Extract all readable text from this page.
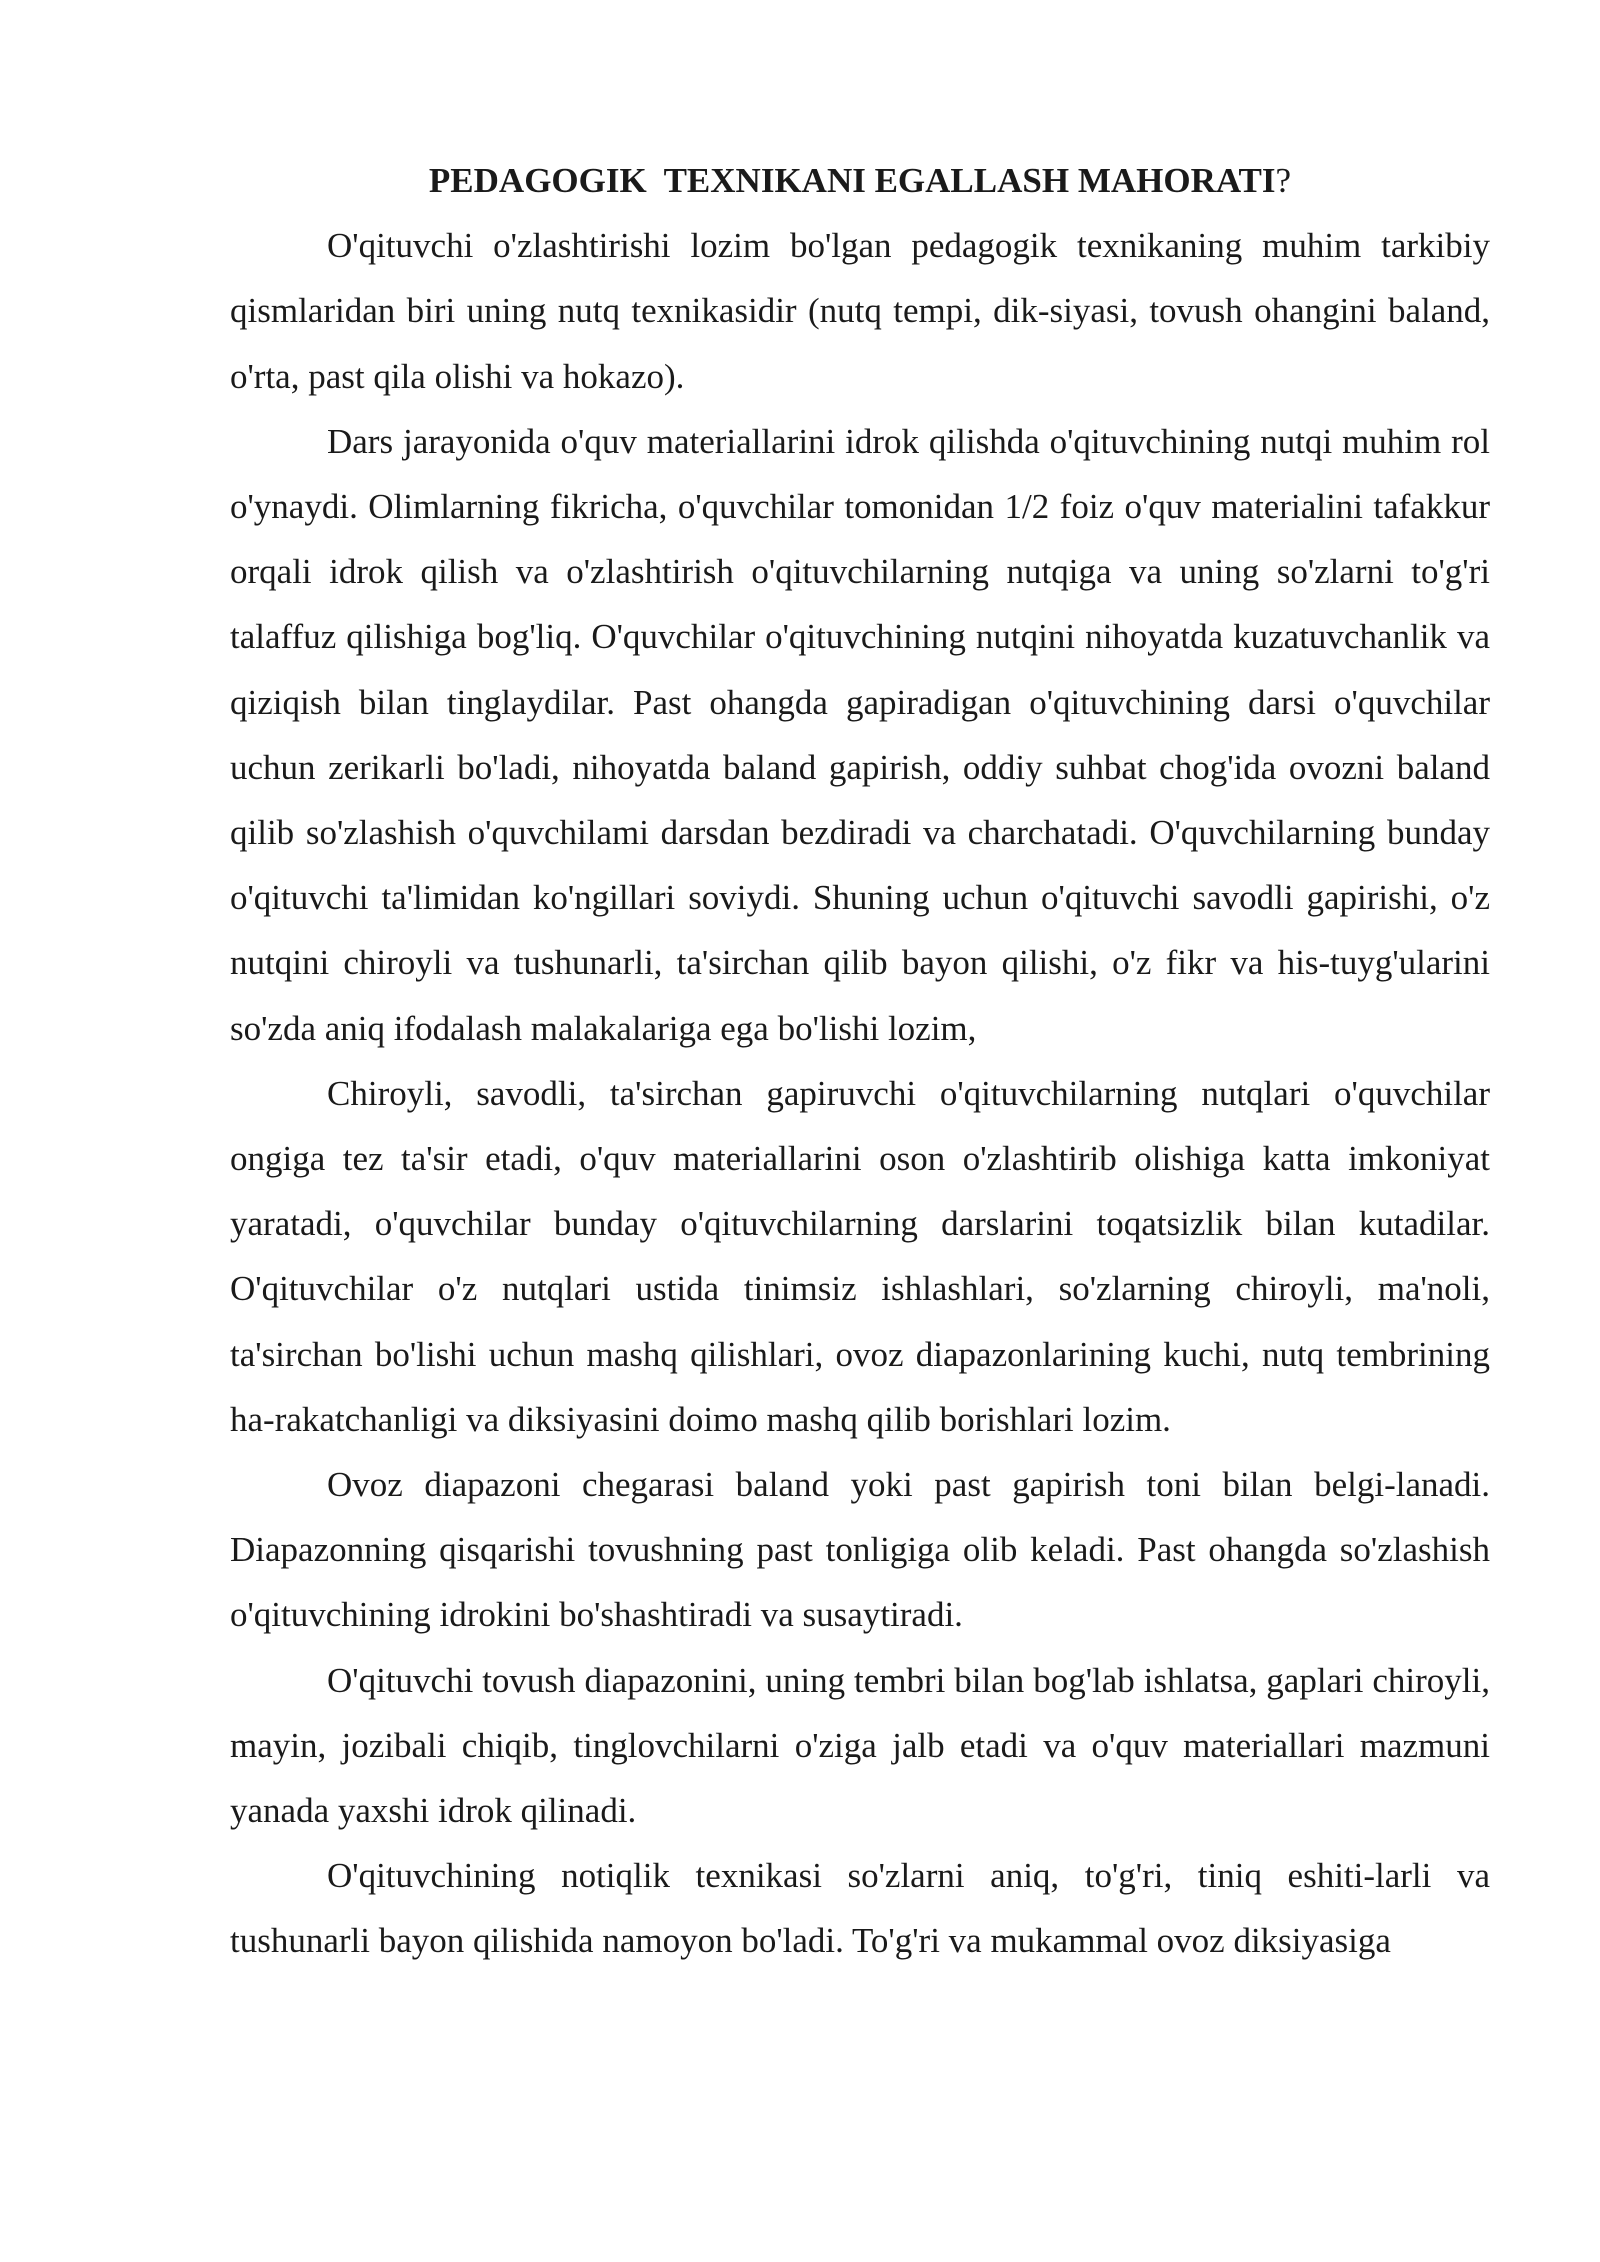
PEDAGOGIK  TEXNIKANI EGALLASH MAHORATI?

O'qituvchi o'zlashtirishi lozim bo'lgan pedagogik texnikaning muhim tarkibiy qismlaridan biri uning nutq texnikasidir (nutq tempi, dik-siyasi, tovush ohangini baland, o'rta, past qila olishi va hokazo).

Dars jarayonida o'quv materiallarini idrok qilishda o'qituvchining nutqi muhim rol o'ynaydi. Olimlarning fikricha, o'quvchilar tomonidan 1/2 foiz o'quv materialini tafakkur orqali idrok qilish va o'zlashtirish o'qituvchilarning nutqiga va uning so'zlarni to'g'ri talaffuz qilishiga bog'liq. O'quvchilar o'qituvchining nutqini nihoyatda kuzatuvchanlik va qiziqish bilan tinglaydilar. Past ohangda gapiradigan o'qituvchining darsi o'quvchilar uchun zerikarli bo'ladi, nihoyatda baland gapirish, oddiy suhbat chog'ida ovozni baland qilib so'zlashish o'quvchilami darsdan bezdiradi va charchatadi. O'quvchilarning bunday o'qituvchi ta'limidan ko'ngillari soviydi. Shuning uchun o'qituvchi savodli gapirishi, o'z nutqini chiroyli va tushunarli, ta'sirchan qilib bayon qilishi, o'z fikr va his-tuyg'ularini so'zda aniq ifodalash malakalariga ega bo'lishi lozim,

Chiroyli, savodli, ta'sirchan gapiruvchi o'qituvchilarning nutqlari o'quvchilar ongiga tez ta'sir etadi, o'quv materiallarini oson o'zlashtirib olishiga katta imkoniyat yaratadi, o'quvchilar bunday o'qituvchilarning darslarini toqatsizlik bilan kutadilar. O'qituvchilar o'z nutqlari ustida tinimsiz ishlashlari, so'zlarning chiroyli, ma'noli, ta'sirchan bo'lishi uchun mashq qilishlari, ovoz diapazonlarining kuchi, nutq tembrining ha-rakatchanligi va diksiyasini doimo mashq qilib borishlari lozim.

Ovoz diapazoni chegarasi baland yoki past gapirish toni bilan belgi-lanadi. Diapazonning qisqarishi tovushning past tonligiga olib keladi. Past ohangda so'zlashish o'qituvchining idrokini bo'shashtiradi va susaytiradi.

O'qituvchi tovush diapazonini, uning tembri bilan bog'lab ishlatsa, gaplari chiroyli, mayin, jozibali chiqib, tinglovchilarni o'ziga jalb etadi va o'quv materiallari mazmuni yanada yaxshi idrok qilinadi.

O'qituvchining notiqlik texnikasi so'zlarni aniq, to'g'ri, tiniq eshiti-larli va tushunarli bayon qilishida namoyon bo'ladi. To'g'ri va mukammal ovoz diksiyasiga
